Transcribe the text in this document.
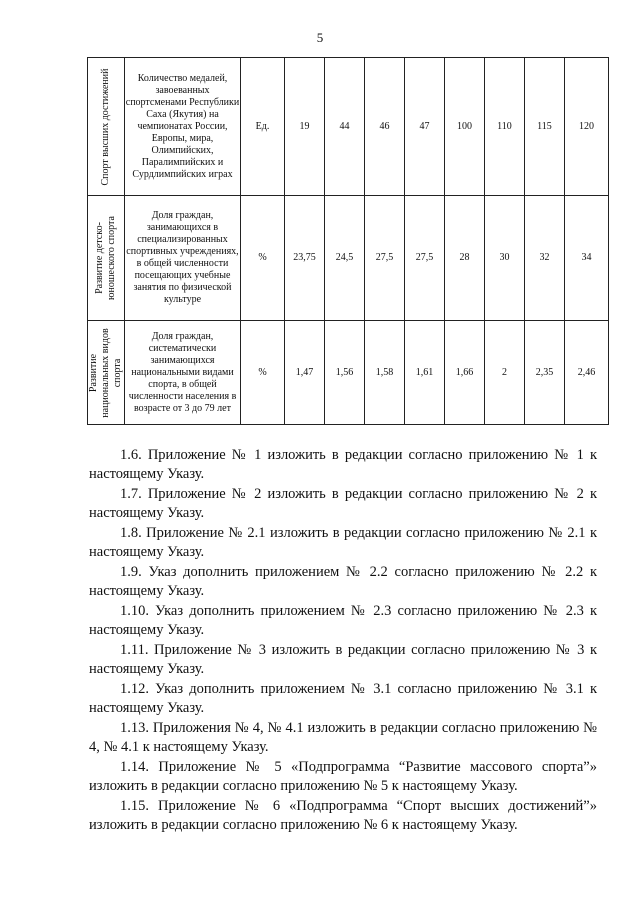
5
Спорт высших достижений	Количество медалей, завоеванных спортсменами Республики Саха (Якутия) на чемпионатах России, Европы, мира, Олимпийских, Паралимпийских и Сурдлимпийских играх	Ед.	19	44	46	47	100	110	115	120

Развитие детско-юношеского спорта	Доля граждан, занимающихся в специализированных спортивных учреждениях, в общей численности посещающих учебные занятия по физической культуре	%	23,75	24,5	27,5	27,5	28	30	32	34

Развитие национальных видов спорта	Доля граждан, систематически занимающихся национальными видами спорта, в общей численности населения в возрасте от 3 до 79 лет	%	1,47	1,56	1,58	1,61	1,66	2	2,35	2,46

1.6. Приложение № 1 изложить в редакции согласно приложению № 1 к настоящему Указу.

1.7. Приложение № 2 изложить в редакции согласно приложению № 2 к настоящему Указу.

1.8. Приложение № 2.1 изложить в редакции согласно приложению № 2.1 к настоящему Указу.

1.9. Указ дополнить приложением № 2.2 согласно приложению № 2.2 к настоящему Указу.

1.10. Указ дополнить приложением № 2.3 согласно приложению № 2.3 к настоящему Указу.

1.11. Приложение № 3 изложить в редакции согласно приложению № 3 к настоящему Указу.

1.12. Указ дополнить приложением № 3.1 согласно приложению № 3.1 к настоящему Указу.

1.13. Приложения № 4, № 4.1 изложить в редакции согласно приложению № 4, № 4.1 к настоящему Указу.

1.14. Приложение № 5 «Подпрограмма “Развитие массового спорта”» изложить в редакции согласно приложению № 5 к настоящему Указу.

1.15. Приложение № 6 «Подпрограмма “Спорт высших достижений”» изложить в редакции согласно приложению № 6 к настоящему Указу.
